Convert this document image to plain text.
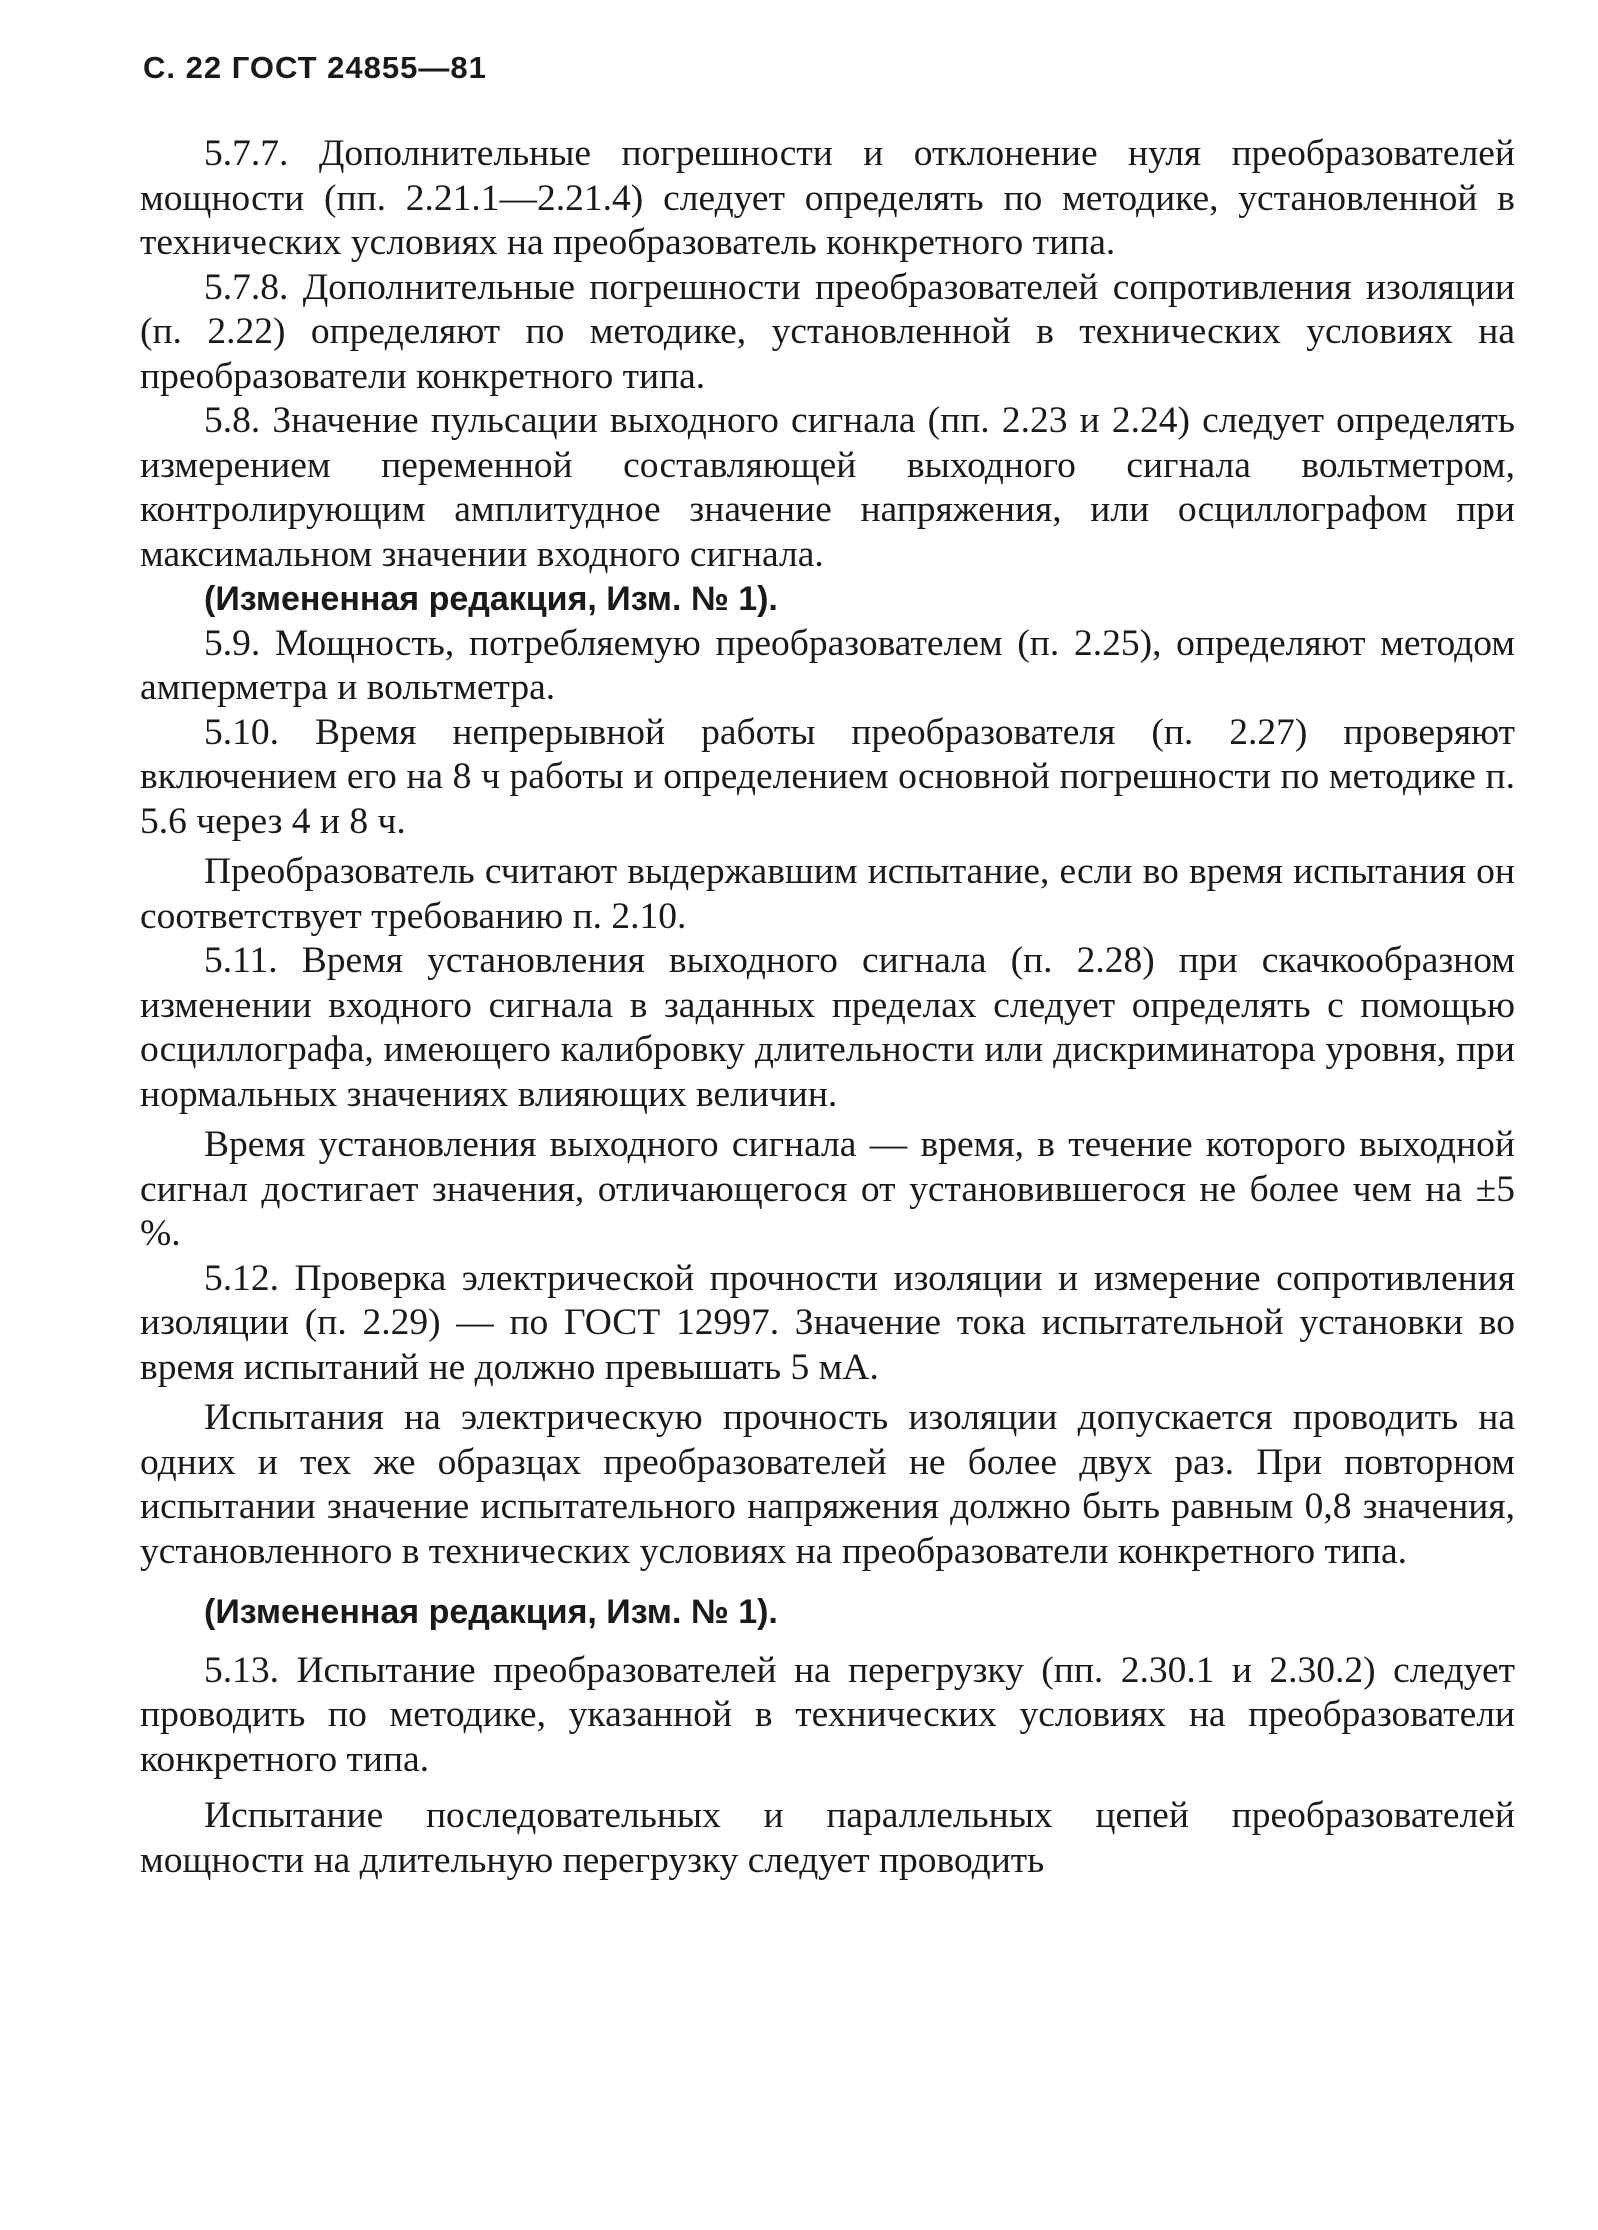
С. 22 ГОСТ 24855—81

5.7.7. Дополнительные погрешности и отклонение нуля преобразователей мощности (пп. 2.21.1—2.21.4) следует определять по методике, установленной в технических условиях на преобразователь конкретного типа.

5.7.8. Дополнительные погрешности преобразователей сопротивления изоляции (п. 2.22) определяют по методике, установленной в технических условиях на преобразователи конкретного типа.

5.8. Значение пульсации выходного сигнала (пп. 2.23 и 2.24) следует определять измерением переменной составляющей выходного сигнала вольтметром, контролирующим амплитудное значение напряжения, или осциллографом при максимальном значении входного сигнала.

(Измененная редакция, Изм. № 1).

5.9. Мощность, потребляемую преобразователем (п. 2.25), определяют методом амперметра и вольтметра.

5.10. Время непрерывной работы преобразователя (п. 2.27) проверяют включением его на 8 ч работы и определением основной погрешности по методике п. 5.6 через 4 и 8 ч.

Преобразователь считают выдержавшим испытание, если во время испытания он соответствует требованию п. 2.10.

5.11. Время установления выходного сигнала (п. 2.28) при скачкообразном изменении входного сигнала в заданных пределах следует определять с помощью осциллографа, имеющего калибровку длительности или дискриминатора уровня, при нормальных значениях влияющих величин.

Время установления выходного сигнала — время, в течение которого выходной сигнал достигает значения, отличающегося от установившегося не более чем на ±5 %.

5.12. Проверка электрической прочности изоляции и измерение сопротивления изоляции (п. 2.29) — по ГОСТ 12997. Значение тока испытательной установки во время испытаний не должно превышать 5 мА.

Испытания на электрическую прочность изоляции допускается проводить на одних и тех же образцах преобразователей не более двух раз. При повторном испытании значение испытательного напряжения должно быть равным 0,8 значения, установленного в технических условиях на преобразователи конкретного типа.

(Измененная редакция, Изм. № 1).

5.13. Испытание преобразователей на перегрузку (пп. 2.30.1 и 2.30.2) следует проводить по методике, указанной в технических условиях на преобразователи конкретного типа.

Испытание последовательных и параллельных цепей преобразователей мощности на длительную перегрузку следует проводить
